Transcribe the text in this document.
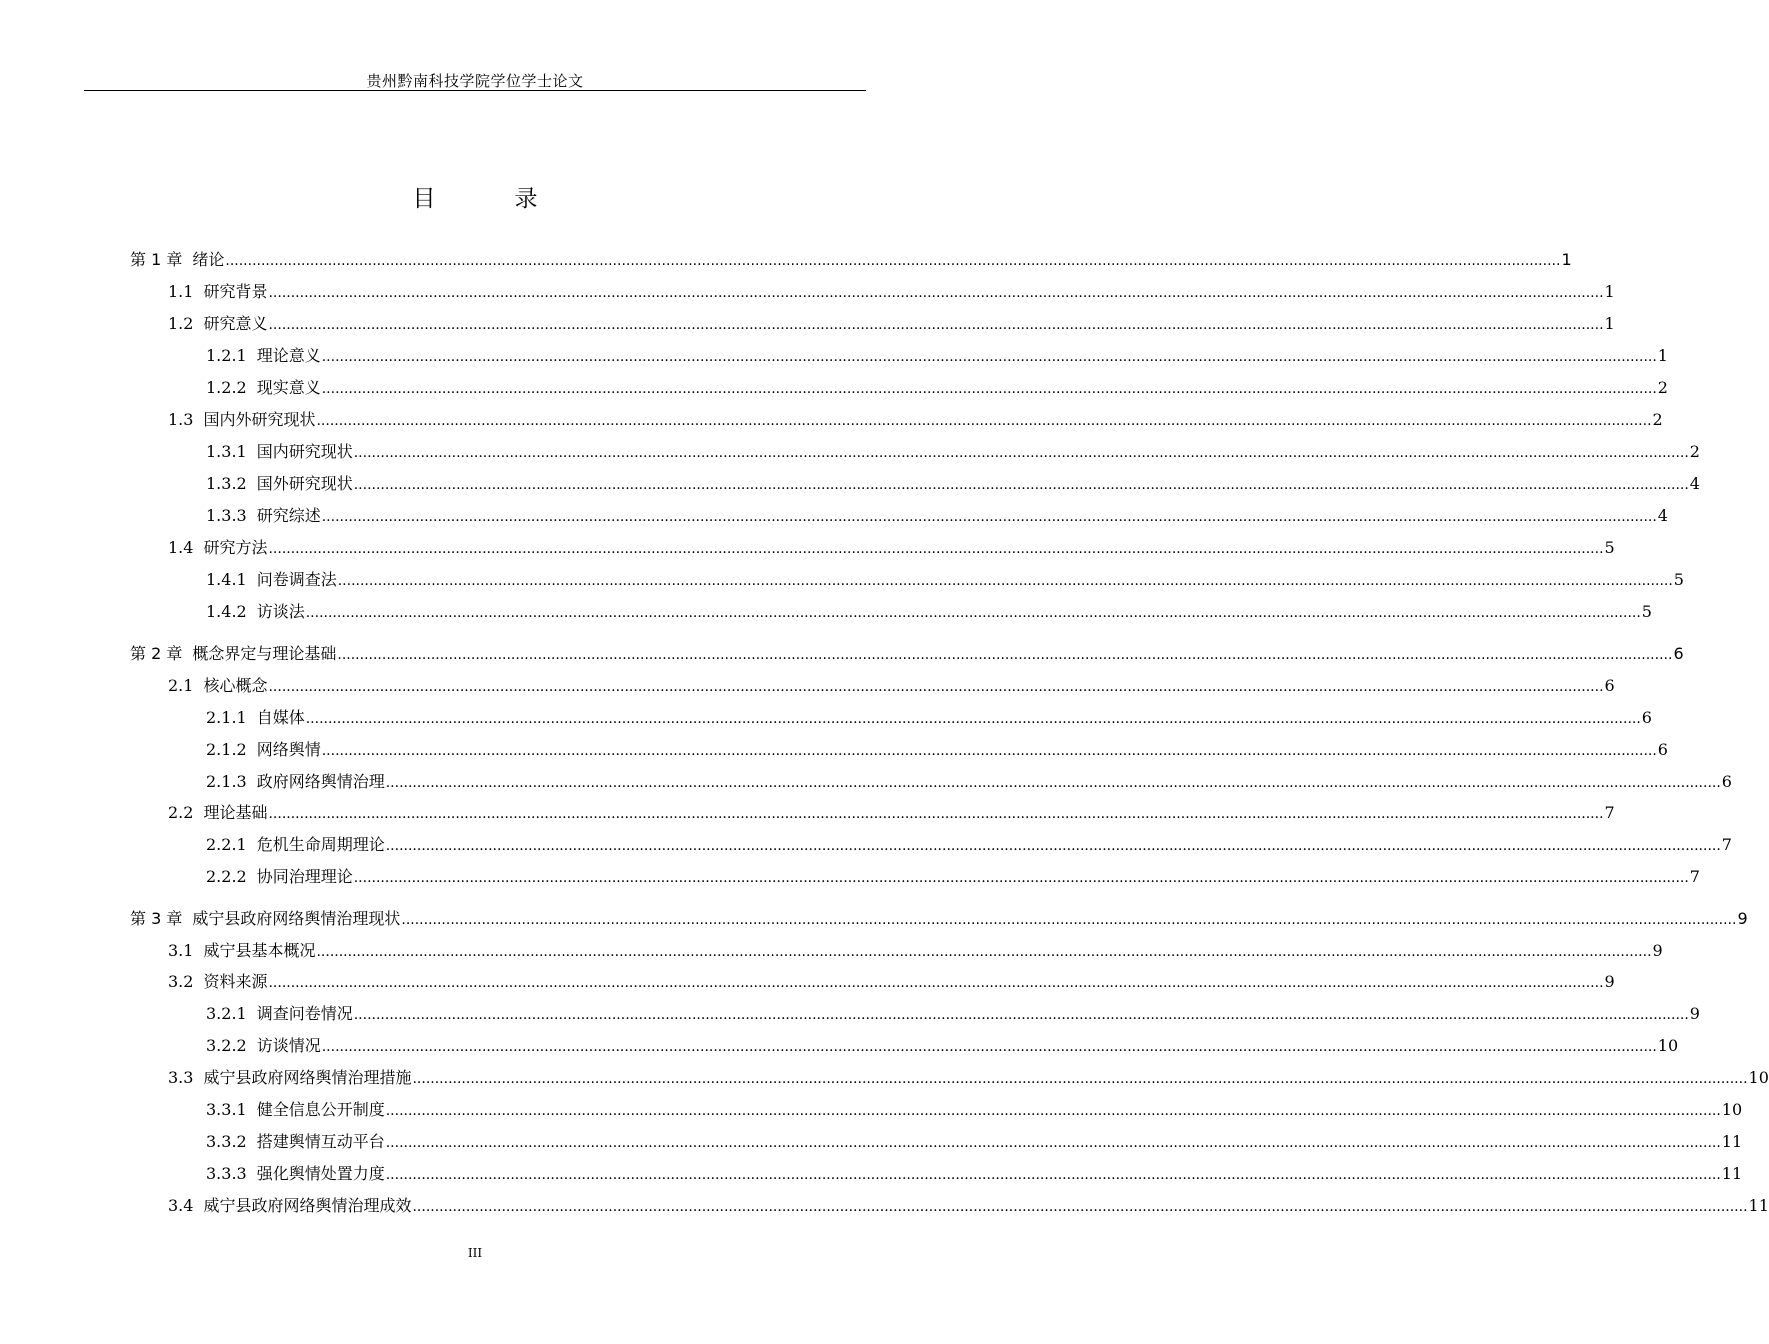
贵州黔南科技学院学位学士论文
目　录
第 1 章 绪论 ............................................................................................................................................................................................................................................................................................................ 1
1.1 研究背景 ............................................................................................................................................................................................................................................................................................................ 1
1.2 研究意义 ............................................................................................................................................................................................................................................................................................................ 1
1.2.1 理论意义 ............................................................................................................................................................................................................................................................................................................ 1
1.2.2 现实意义 ............................................................................................................................................................................................................................................................................................................ 2
1.3 国内外研究现状 ............................................................................................................................................................................................................................................................................................................ 2
1.3.1 国内研究现状 ............................................................................................................................................................................................................................................................................................................ 2
1.3.2 国外研究现状 ............................................................................................................................................................................................................................................................................................................ 4
1.3.3 研究综述 ............................................................................................................................................................................................................................................................................................................ 4
1.4 研究方法 ............................................................................................................................................................................................................................................................................................................ 5
1.4.1 问卷调查法 ............................................................................................................................................................................................................................................................................................................ 5
1.4.2 访谈法 ............................................................................................................................................................................................................................................................................................................ 5
第 2 章 概念界定与理论基础 ............................................................................................................................................................................................................................................................................................................ 6
2.1 核心概念 ............................................................................................................................................................................................................................................................................................................ 6
2.1.1 自媒体 ............................................................................................................................................................................................................................................................................................................ 6
2.1.2 网络舆情 ............................................................................................................................................................................................................................................................................................................ 6
2.1.3 政府网络舆情治理 ............................................................................................................................................................................................................................................................................................................ 6
2.2 理论基础 ............................................................................................................................................................................................................................................................................................................ 7
2.2.1 危机生命周期理论 ............................................................................................................................................................................................................................................................................................................ 7
2.2.2 协同治理理论 ............................................................................................................................................................................................................................................................................................................ 7
第 3 章 威宁县政府网络舆情治理现状 ............................................................................................................................................................................................................................................................................................................ 9
3.1 威宁县基本概况 ............................................................................................................................................................................................................................................................................................................ 9
3.2 资料来源 ............................................................................................................................................................................................................................................................................................................ 9
3.2.1 调查问卷情况 ............................................................................................................................................................................................................................................................................................................ 9
3.2.2 访谈情况 ............................................................................................................................................................................................................................................................................................................ 10
3.3 威宁县政府网络舆情治理措施 ............................................................................................................................................................................................................................................................................................................ 10
3.3.1 健全信息公开制度 ............................................................................................................................................................................................................................................................................................................ 10
3.3.2 搭建舆情互动平台 ............................................................................................................................................................................................................................................................................................................ 11
3.3.3 强化舆情处置力度 ............................................................................................................................................................................................................................................................................................................ 11
3.4 威宁县政府网络舆情治理成效 ............................................................................................................................................................................................................................................................................................................ 11
III
